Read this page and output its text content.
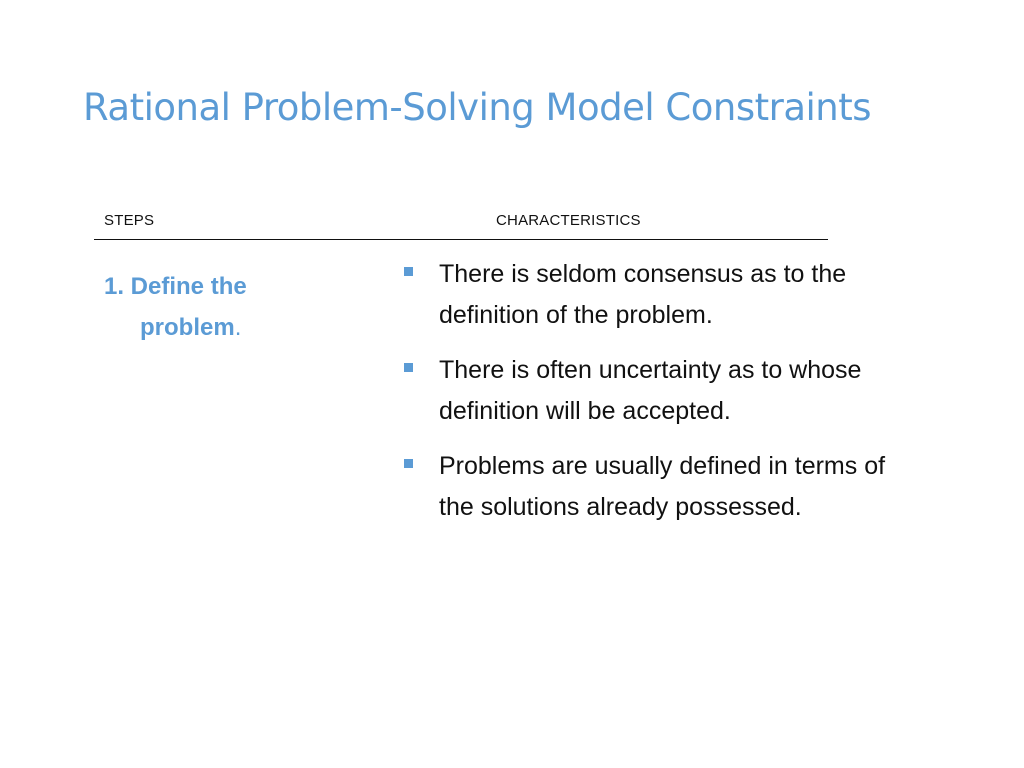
Rational Problem-Solving Model Constraints
STEPS	CHARACTERISTICS
1. Define the
problem.
There is seldom consensus as to the definition of the problem.
There is often uncertainty as to whose definition will be accepted.
Problems are usually defined in terms of the solutions already possessed.
